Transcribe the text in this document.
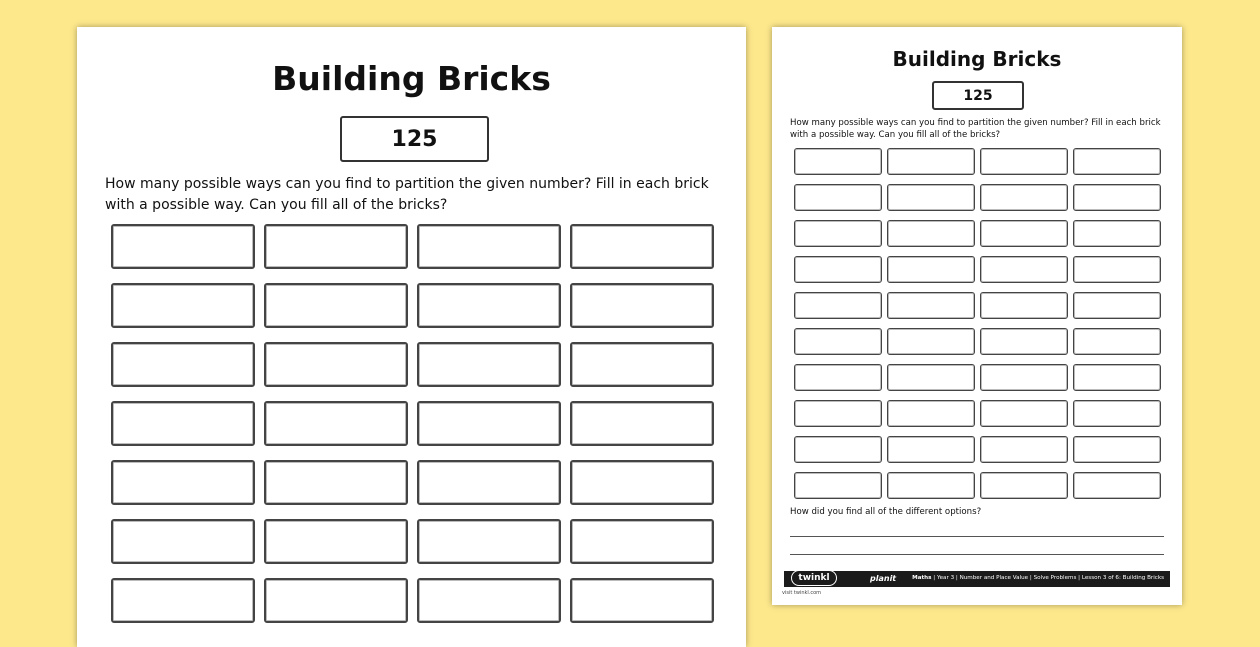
Building Bricks
125
How many possible ways can you find to partition the given number? Fill in each brick with a possible way. Can you fill all of the bricks?
Building Bricks
125
How many possible ways can you find to partition the given number? Fill in each brick with a possible way. Can you fill all of the bricks?
How did you find all of the different options?
twinkl	planit	Maths | Year 3 | Number and Place Value | Solve Problems | Lesson 3 of 6: Building Bricks
visit twinkl.com
